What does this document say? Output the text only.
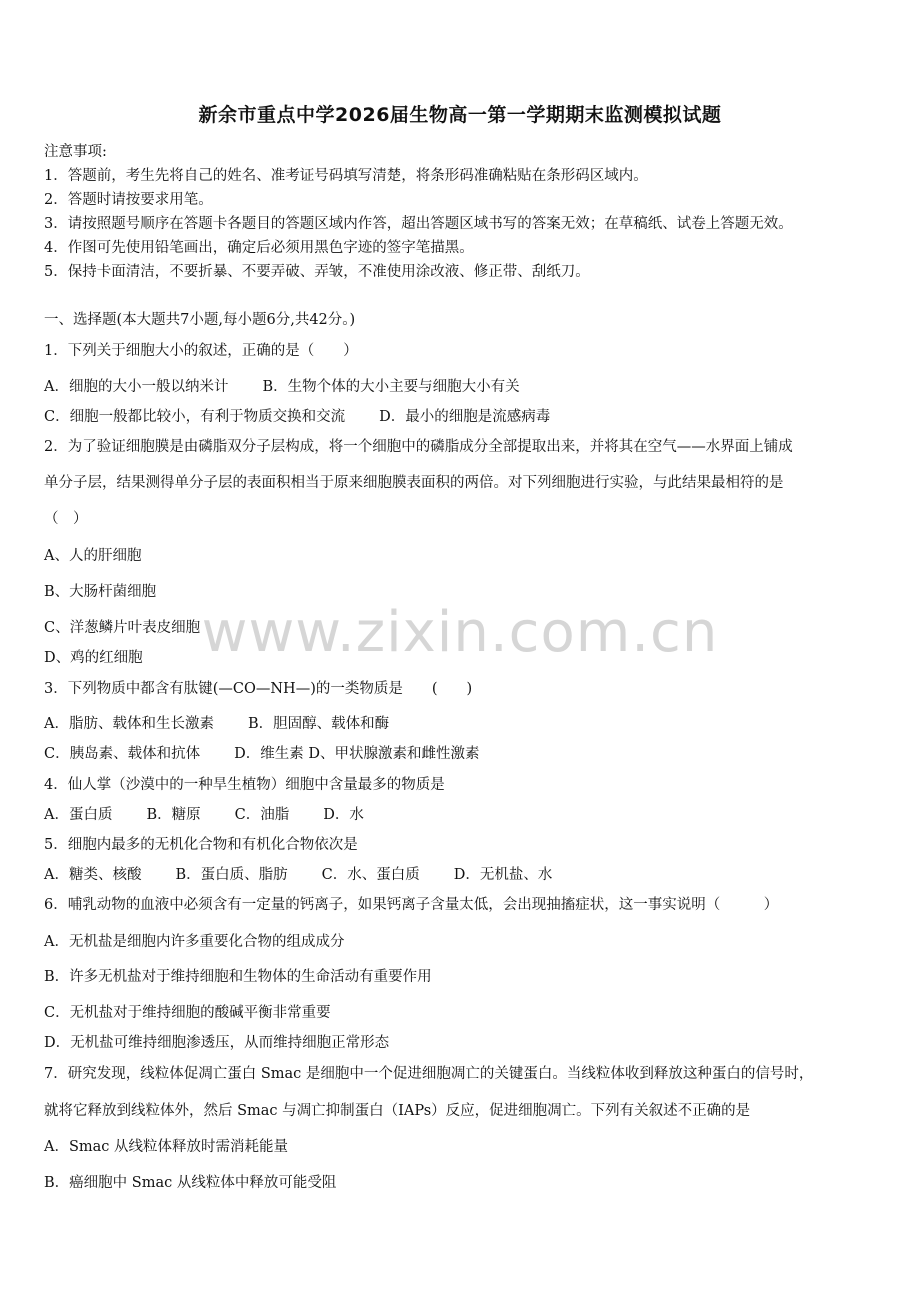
新余市重点中学2026届生物高一第一学期期末监测模拟试题
注意事项:
1．答题前，考生先将自己的姓名、准考证号码填写清楚，将条形码准确粘贴在条形码区域内。
2．答题时请按要求用笔。
3．请按照题号顺序在答题卡各题目的答题区域内作答，超出答题区域书写的答案无效；在草稿纸、试卷上答题无效。
4．作图可先使用铅笔画出，确定后必须用黑色字迹的签字笔描黑。
5．保持卡面清洁，不要折暴、不要弄破、弄皱，不准使用涂改液、修正带、刮纸刀。
一、选择题(本大题共7小题,每小题6分,共42分。)
1．下列关于细胞大小的叙述，正确的是（　　）
A．细胞的大小一般以纳米计 B．生物个体的大小主要与细胞大小有关
C．细胞一般都比较小，有利于物质交换和交流 D．最小的细胞是流感病毒
2．为了验证细胞膜是由磷脂双分子层构成，将一个细胞中的磷脂成分全部提取出来，并将其在空气——水界面上铺成
单分子层，结果测得单分子层的表面积相当于原来细胞膜表面积的两倍。对下列细胞进行实验，与此结果最相符的是
（　）
A、人的肝细胞
B、大肠杆菌细胞
C、洋葱鳞片叶表皮细胞
D、鸡的红细胞
3．下列物质中都含有肽键(—CO—NH—)的一类物质是　　(　　)
A．脂肪、载体和生长激素 B．胆固醇、载体和酶
C．胰岛素、载体和抗体 D．维生素 D、甲状腺激素和雌性激素
4．仙人掌（沙漠中的一种旱生植物）细胞中含量最多的物质是
A．蛋白质 B．糖原 C．油脂 D．水
5．细胞内最多的无机化合物和有机化合物依次是
A．糖类、核酸 B．蛋白质、脂肪 C．水、蛋白质 D．无机盐、水
6．哺乳动物的血液中必须含有一定量的钙离子，如果钙离子含量太低，会出现抽搐症状，这一事实说明（　　　）
A．无机盐是细胞内许多重要化合物的组成成分
B．许多无机盐对于维持细胞和生物体的生命活动有重要作用
C．无机盐对于维持细胞的酸碱平衡非常重要
D．无机盐可维持细胞渗透压，从而维持细胞正常形态
7．研究发现，线粒体促凋亡蛋白 Smac 是细胞中一个促进细胞凋亡的关键蛋白。当线粒体收到释放这种蛋白的信号时，
就将它释放到线粒体外，然后 Smac 与凋亡抑制蛋白（IAPs）反应，促进细胞凋亡。下列有关叙述不正确的是
A．Smac 从线粒体释放时需消耗能量
B．癌细胞中 Smac 从线粒体中释放可能受阻
www.zixin.com.cn
